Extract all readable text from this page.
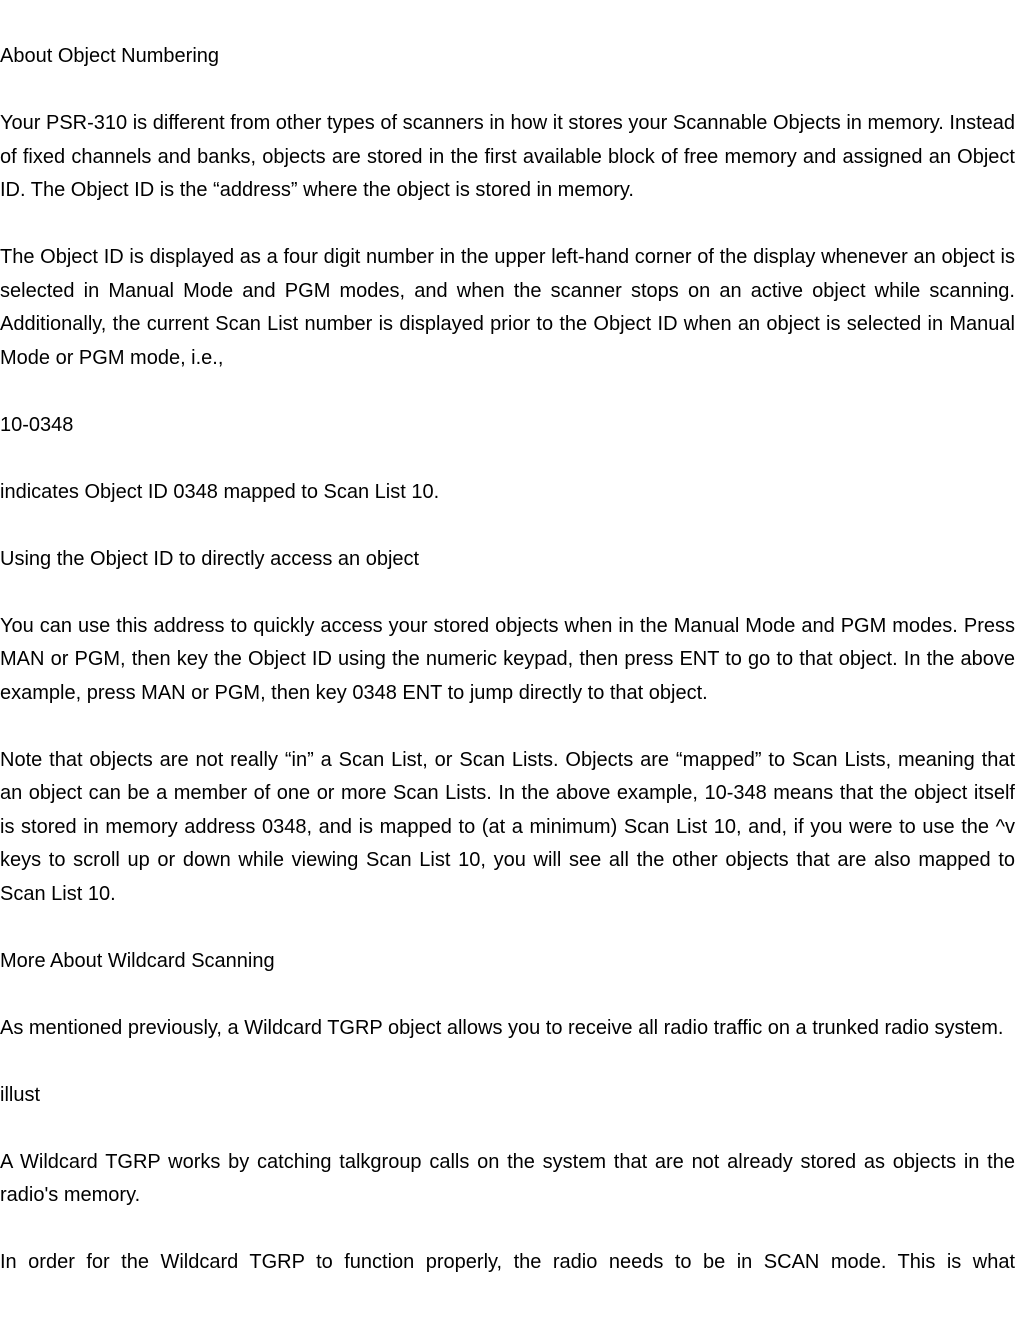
About Object Numbering

Your PSR-310 is different from other types of scanners in how it stores your Scannable Objects in memory. Instead of fixed channels and banks, objects are stored in the first available block of free memory and assigned an Object ID. The Object ID is the “address” where the object is stored in memory.

The Object ID is displayed as a four digit number in the upper left-hand corner of the display whenever an object is selected in Manual Mode and PGM modes, and when the scanner stops on an active object while scanning. Additionally, the current Scan List number is displayed prior to the Object ID when an object is selected in Manual Mode or PGM mode, i.e.,

10-0348

indicates Object ID 0348 mapped to Scan List 10.

Using the Object ID to directly access an object

You can use this address to quickly access your stored objects when in the Manual Mode and PGM modes. Press MAN or PGM, then key the Object ID using the numeric keypad, then press ENT to go to that object. In the above example, press MAN or PGM, then key 0348 ENT to jump directly to that object.

Note that objects are not really “in” a Scan List, or Scan Lists. Objects are “mapped” to Scan Lists, meaning that an object can be a member of one or more Scan Lists. In the above example, 10-348 means that the object itself is stored in memory address 0348, and is mapped to (at a minimum) Scan List 10, and, if you were to use the ^v keys to scroll up or down while viewing Scan List 10, you will see all the other objects that are also mapped to Scan List 10.

More About Wildcard Scanning

As mentioned previously, a Wildcard TGRP object allows you to receive all radio traffic on a trunked radio system.

illust

A Wildcard TGRP works by catching talkgroup calls on the system that are not already stored as objects in the radio's memory.

In order for the Wildcard TGRP to function properly, the radio needs to be in SCAN mode. This is what
